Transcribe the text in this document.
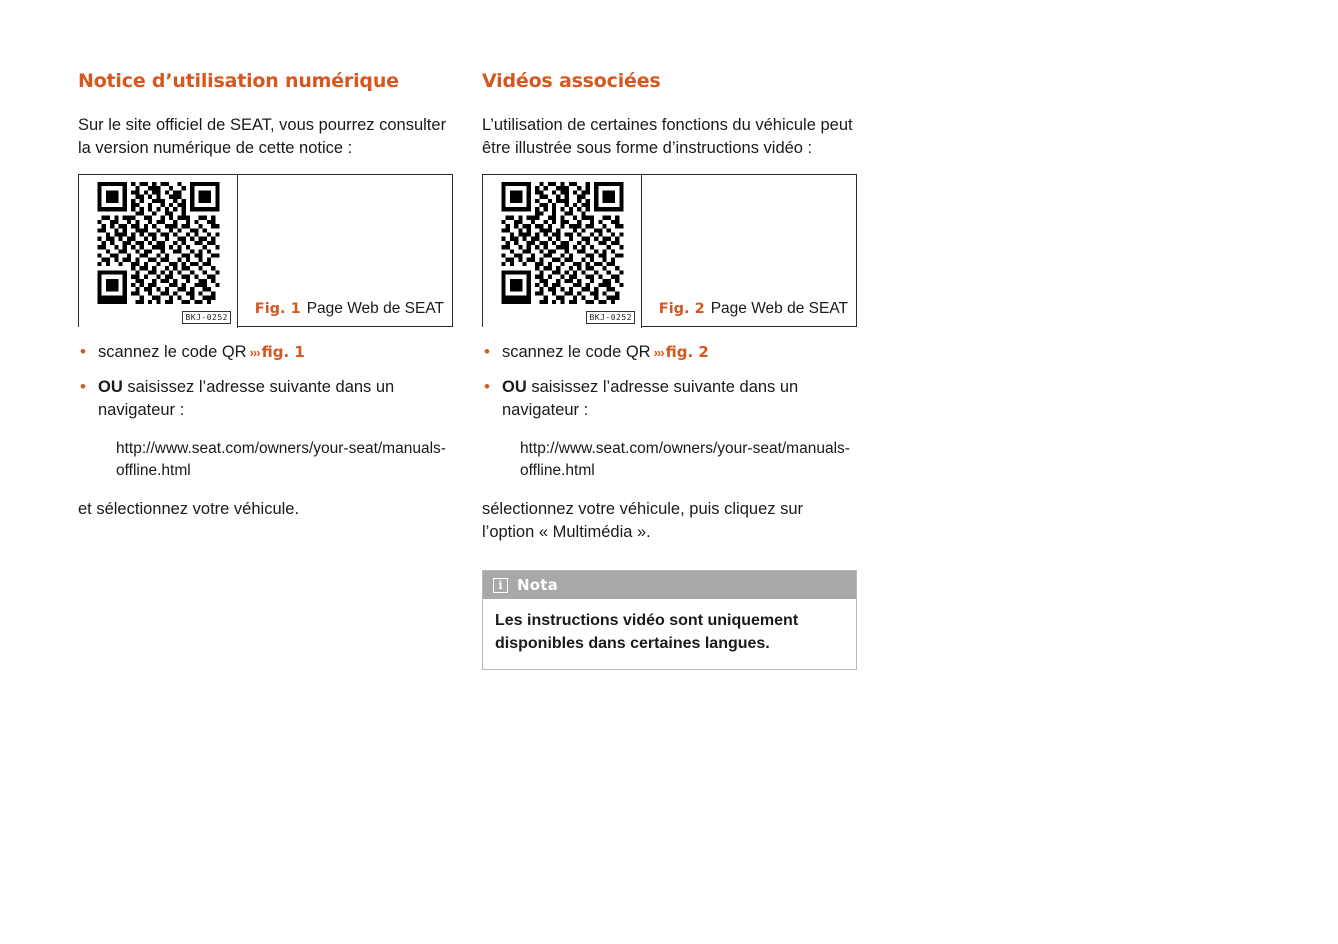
Notice d’utilisation numérique

Sur le site officiel de SEAT, vous pourrez consulter la version numérique de cette notice :

BKJ-0252
Fig. 1 Page Web de SEAT
• scannez le code QR ››› fig. 1
• OU saisissez l’adresse suivante dans un navigateur :

http://www.seat.com/owners/your-seat/manuals-offline.html

et sélectionnez votre véhicule.

Vidéos associées

L’utilisation de certaines fonctions du véhicule peut être illustrée sous forme d’instructions vidéo :

BKJ-0252
Fig. 2 Page Web de SEAT
• scannez le code QR ››› fig. 2
• OU saisissez l’adresse suivante dans un navigateur :

http://www.seat.com/owners/your-seat/manuals-offline.html

sélectionnez votre véhicule, puis cliquez sur l’option « Multimédia ».

i Nota
Les instructions vidéo sont uniquement disponibles dans certaines langues.
